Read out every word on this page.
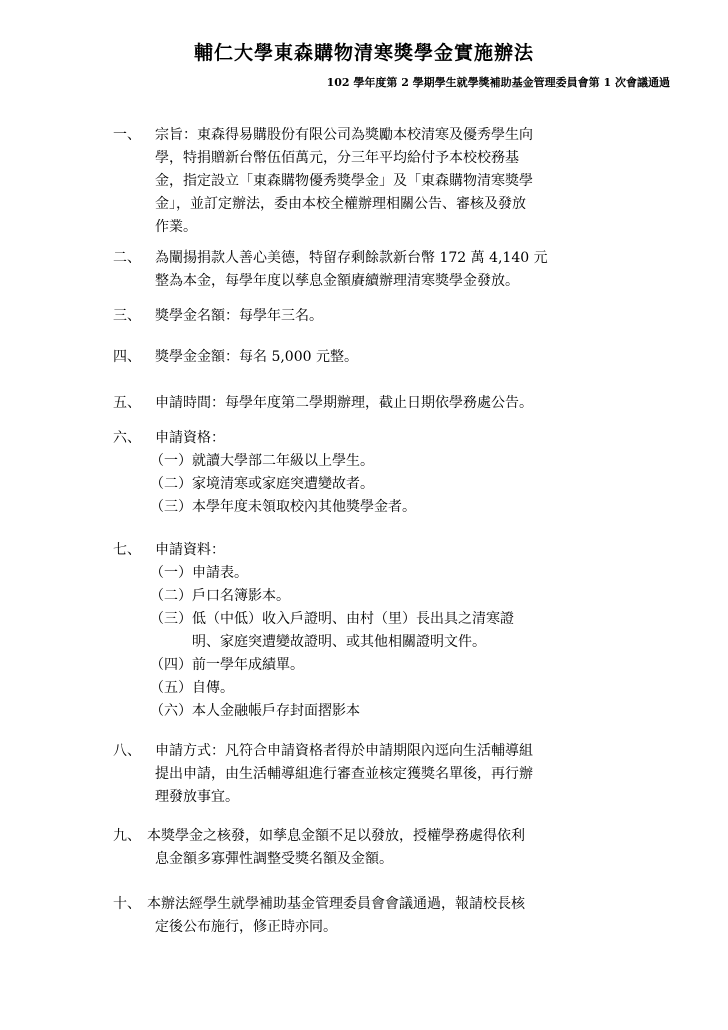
輔仁大學東森購物清寒獎學金實施辦法
102 學年度第 2 學期學生就學獎補助基金管理委員會第 1 次會議通過
一、	宗旨：東森得易購股份有限公司為獎勵本校清寒及優秀學生向
學，特捐贈新台幣伍佰萬元，分三年平均給付予本校校務基
金，指定設立「東森購物優秀獎學金」及「東森購物清寒獎學
金」，並訂定辦法，委由本校全權辦理相關公告、審核及發放
作業。
二、	為闡揚捐款人善心美德，特留存剩餘款新台幣 172 萬 4,140 元
整為本金，每學年度以孳息金額賡續辦理清寒獎學金發放。
三、	獎學金名額：每學年三名。
四、	獎學金金額：每名 5,000 元整。
五、	申請時間：每學年度第二學期辦理，截止日期依學務處公告。
六、	申請資格：
（一）就讀大學部二年級以上學生。
（二）家境清寒或家庭突遭變故者。
（三）本學年度未領取校內其他獎學金者。
七、	申請資料：
（一）申請表。
（二）戶口名簿影本。
（三）低（中低）收入戶證明、由村（里）長出具之清寒證
　　　明、家庭突遭變故證明、或其他相關證明文件。
（四）前一學年成績單。
（五）自傳。
（六）本人金融帳戶存封面摺影本
八、	申請方式：凡符合申請資格者得於申請期限內逕向生活輔導組
提出申請，由生活輔導組進行審查並核定獲獎名單後，再行辦
理發放事宜。
九、 本獎學金之核發，如孳息金額不足以發放，授權學務處得依利
息金額多寡彈性調整受獎名額及金額。
十、 本辦法經學生就學補助基金管理委員會會議通過，報請校長核
定後公布施行，修正時亦同。
